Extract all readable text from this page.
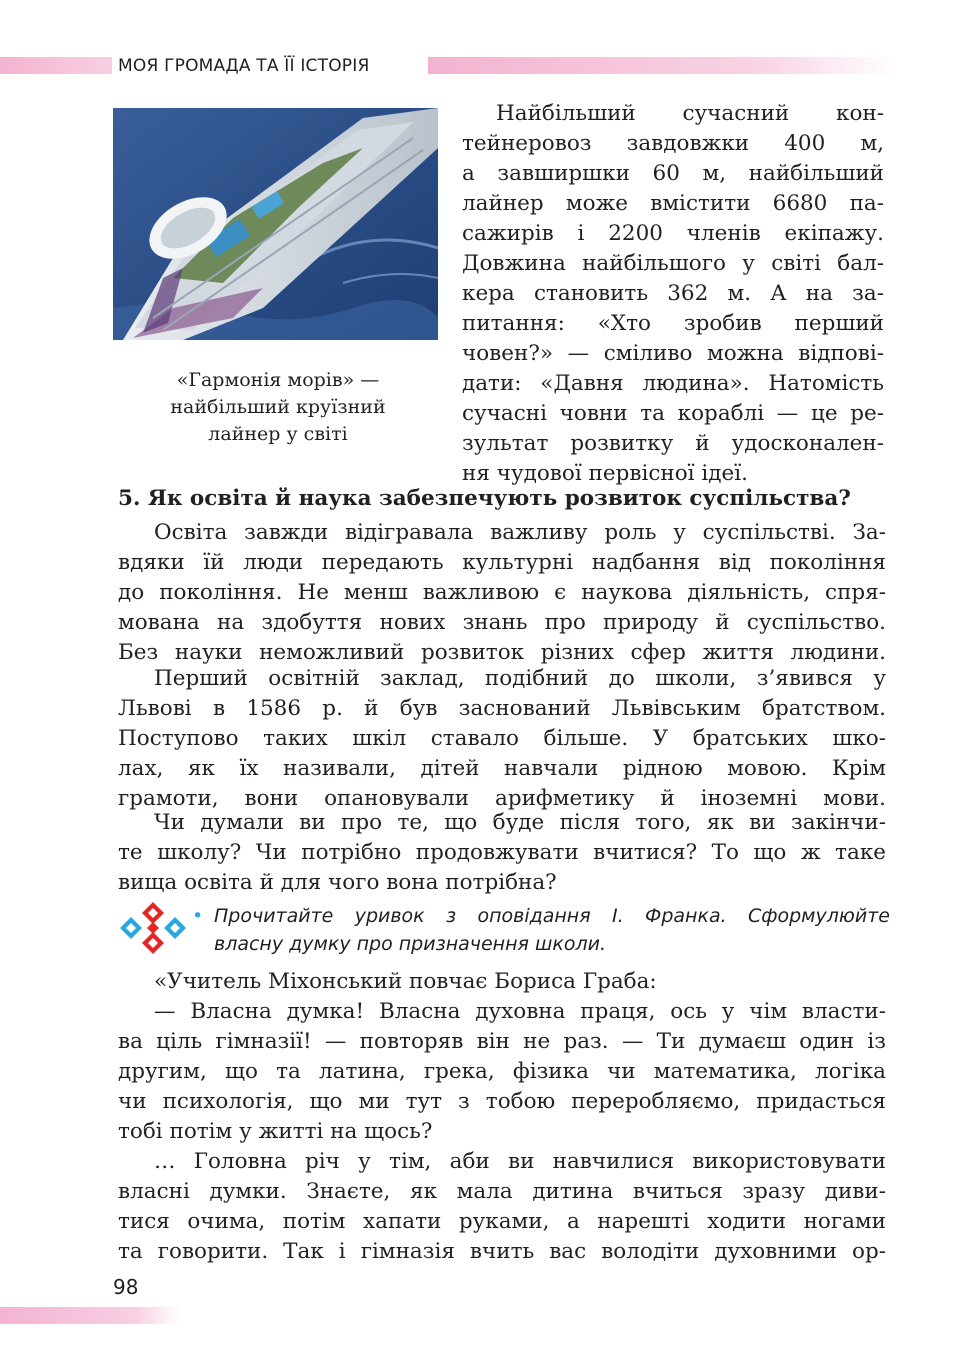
МОЯ ГРОМАДА ТА ЇЇ ІСТОРІЯ
«Гармонія морів» —
найбільший круїзний
лайнер у світі
Найбільший сучасний кон-
тейнеровоз завдовжки 400 м,
а завширшки 60 м, найбільший
лайнер може вмістити 6680 па-
сажирів і 2200 членів екіпажу.
Довжина найбільшого у світі бал-
кера становить 362 м. А на за-
питання: «Хто зробив перший
човен?» — сміливо можна відпові-
дати: «Давня людина». Натомість
сучасні човни та кораблі — це ре-
зультат розвитку й удосконален-
ня чудової первісної ідеї.
5. Як освіта й наука забезпечують розвиток суспільства?
Освіта завжди відігравала важливу роль у суспільстві. За-
вдяки їй люди передають культурні надбання від покоління
до покоління. Не менш важливою є наукова діяльність, спря-
мована на здобуття нових знань про природу й суспільство.
Без науки неможливий розвиток різних сфер життя людини.
Перший освітній заклад, подібний до школи, з’явився у
Львові в 1586 р. й був заснований Львівським братством.
Поступово таких шкіл ставало більше. У братських шко-
лах, як їх називали, дітей навчали рідною мовою. Крім
грамоти, вони опановували арифметику й іноземні мови.
Чи думали ви про те, що буде після того, як ви закінчи-
те школу? Чи потрібно продовжувати вчитися? То що ж таке
вища освіта й для чого вона потрібна?
• Прочитайте уривок з оповідання І. Франка. Сформулюйте
власну думку про призначення школи.
«Учитель Міхонський повчає Бориса Граба:
— Власна думка! Власна духовна праця, ось у чім власти-
ва ціль гімназії! — повторяв він не раз. — Ти думаєш один із
другим, що та латина, грека, фізика чи математика, логіка
чи психологія, що ми тут з тобою переробляємо, придасться
тобі потім у житті на щось?
… Головна річ у тім, аби ви навчилися використовувати
власні думки. Знаєте, як мала дитина вчиться зразу диви-
тися очима, потім хапати руками, а нарешті ходити ногами
та говорити. Так і гімназія вчить вас володіти духовними ор-
98
